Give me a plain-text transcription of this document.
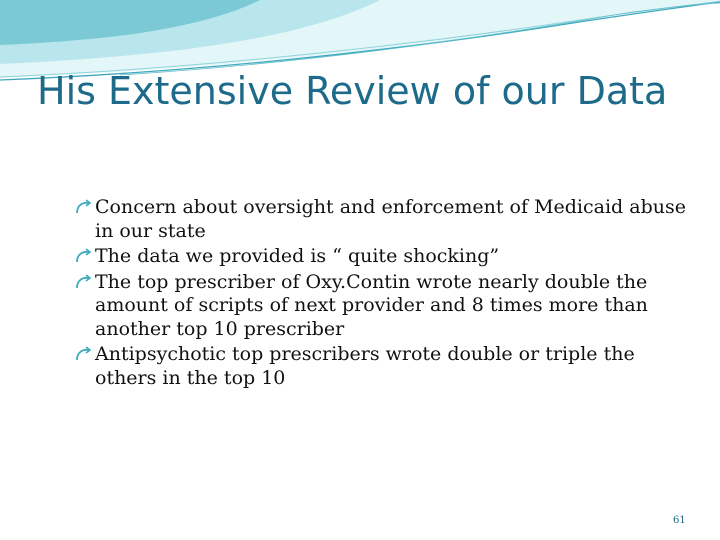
His Extensive Review of our Data
Concern about oversight and enforcement of Medicaid abuse in our state
The data we provided is “ quite shocking”
The top prescriber of Oxy.Contin wrote nearly double the amount of scripts of next provider and 8 times more than another top 10 prescriber
Antipsychotic top prescribers wrote double or triple the others in the top 10
61
